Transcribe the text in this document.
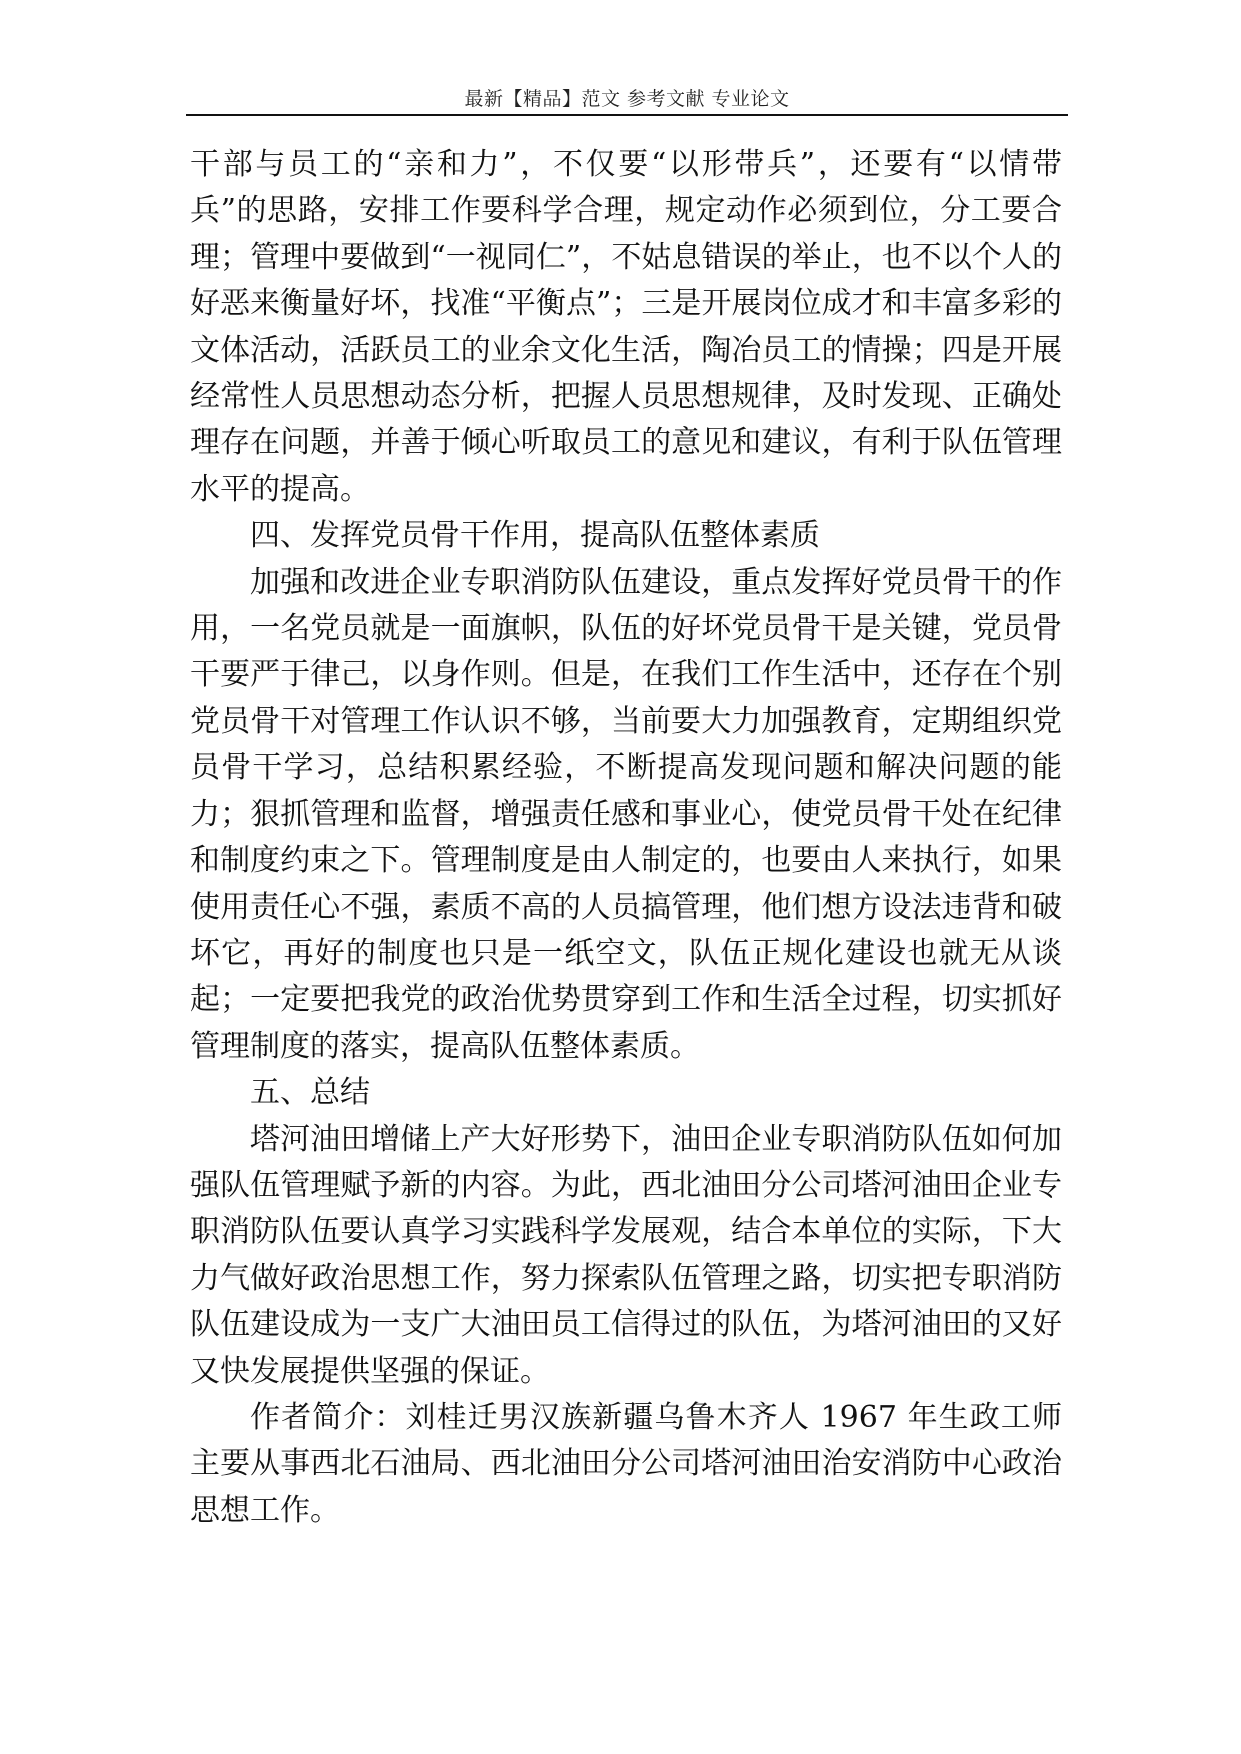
最新【精品】范文 参考文献 专业论文

干部与员工的“亲和力”，不仅要“以形带兵”，还要有“以情带兵”的思路，安排工作要科学合理，规定动作必须到位，分工要合理；管理中要做到“一视同仁”，不姑息错误的举止，也不以个人的好恶来衡量好坏，找准“平衡点”；三是开展岗位成才和丰富多彩的文体活动，活跃员工的业余文化生活，陶冶员工的情操；四是开展经常性人员思想动态分析，把握人员思想规律，及时发现、正确处理存在问题，并善于倾心听取员工的意见和建议，有利于队伍管理水平的提高。

四、发挥党员骨干作用，提高队伍整体素质

加强和改进企业专职消防队伍建设，重点发挥好党员骨干的作用，一名党员就是一面旗帜，队伍的好坏党员骨干是关键，党员骨干要严于律己，以身作则。但是，在我们工作生活中，还存在个别党员骨干对管理工作认识不够，当前要大力加强教育，定期组织党员骨干学习，总结积累经验，不断提高发现问题和解决问题的能力；狠抓管理和监督，增强责任感和事业心，使党员骨干处在纪律和制度约束之下。管理制度是由人制定的，也要由人来执行，如果使用责任心不强，素质不高的人员搞管理，他们想方设法违背和破坏它，再好的制度也只是一纸空文，队伍正规化建设也就无从谈起；一定要把我党的政治优势贯穿到工作和生活全过程，切实抓好管理制度的落实，提高队伍整体素质。

五、总结

塔河油田增储上产大好形势下，油田企业专职消防队伍如何加强队伍管理赋予新的内容。为此，西北油田分公司塔河油田企业专职消防队伍要认真学习实践科学发展观，结合本单位的实际，下大力气做好政治思想工作，努力探索队伍管理之路，切实把专职消防队伍建设成为一支广大油田员工信得过的队伍，为塔河油田的又好又快发展提供坚强的保证。

作者简介：刘桂迁男汉族新疆乌鲁木齐人 1967 年生政工师主要从事西北石油局、西北油田分公司塔河油田治安消防中心政治思想工作。
